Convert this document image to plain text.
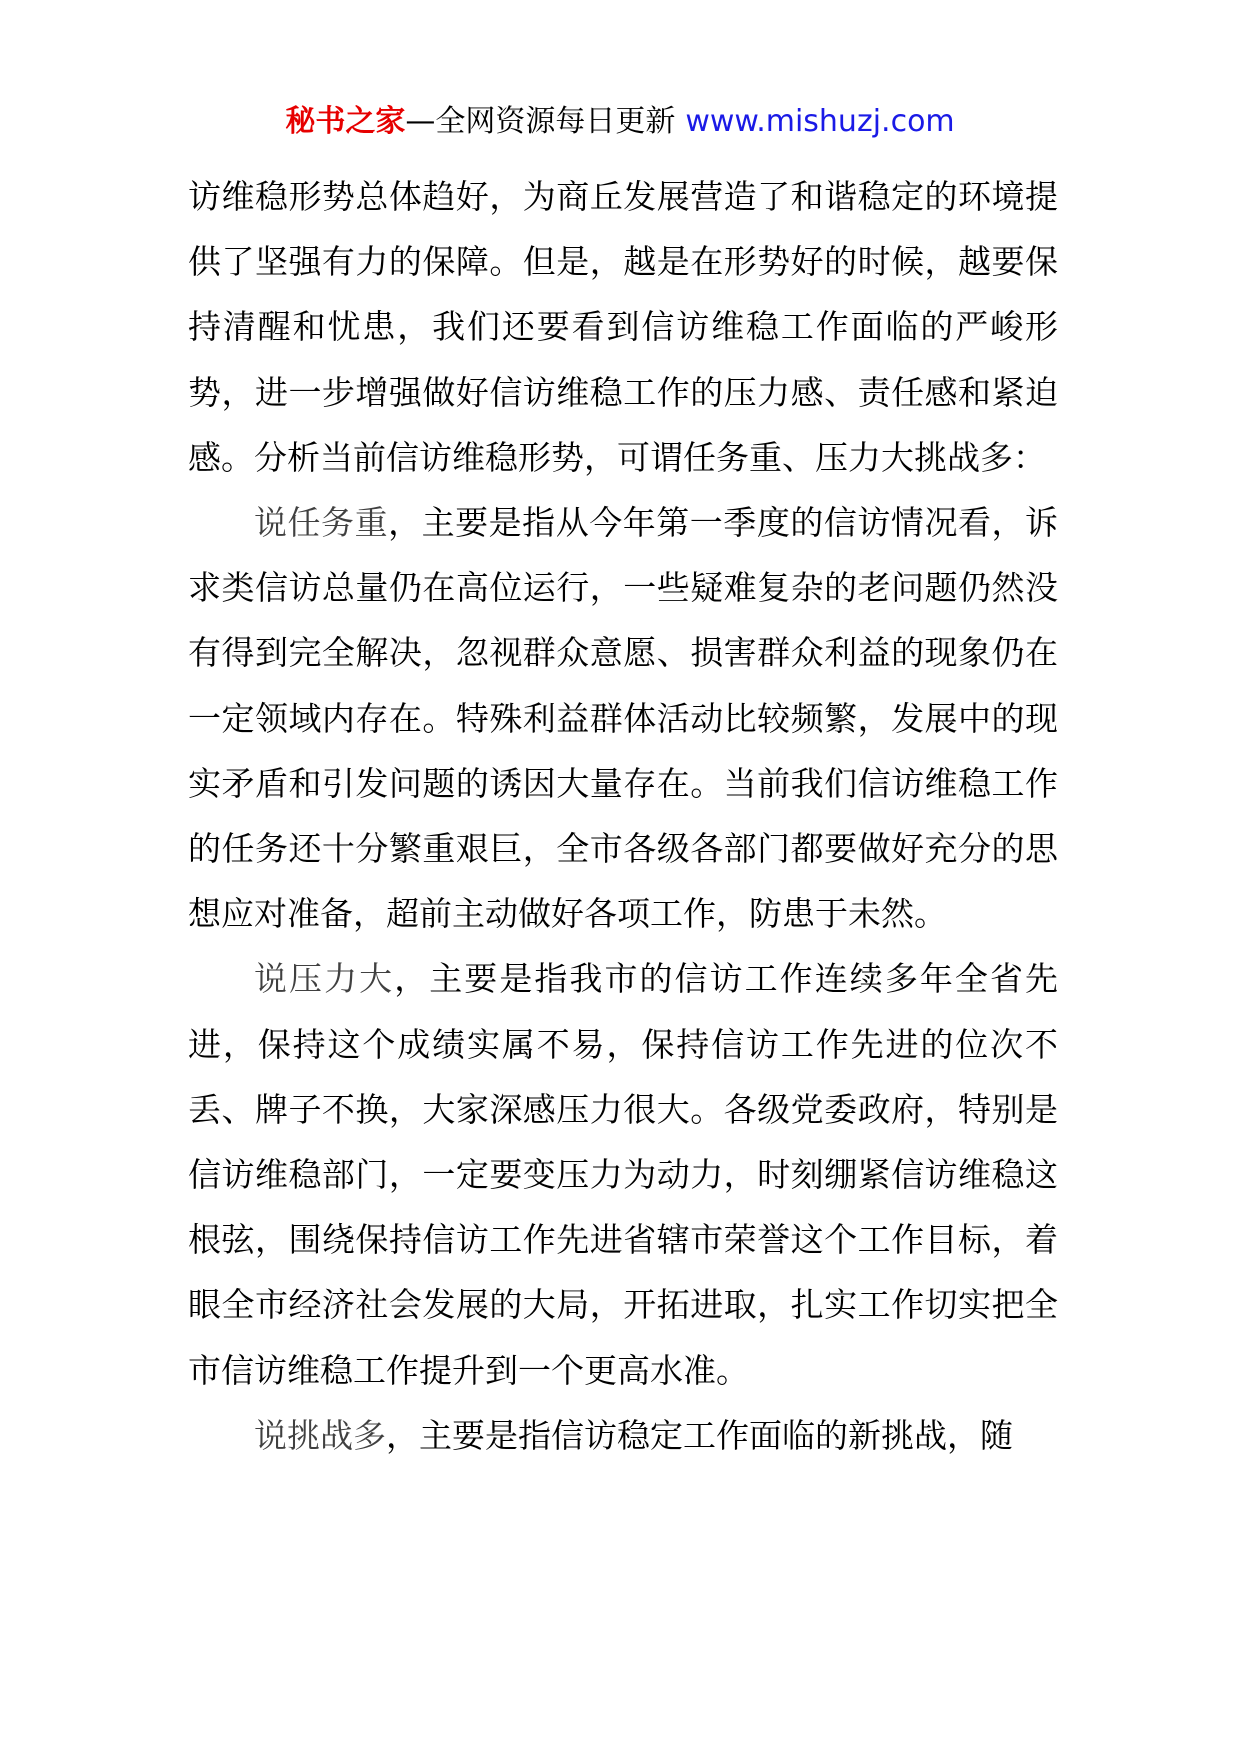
秘书之家—全网资源每日更新 www.mishuzj.com

访维稳形势总体趋好，为商丘发展营造了和谐稳定的环境提供了坚强有力的保障。但是，越是在形势好的时候，越要保持清醒和忧患，我们还要看到信访维稳工作面临的严峻形势，进一步增强做好信访维稳工作的压力感、责任感和紧迫感。分析当前信访维稳形势，可谓任务重、压力大挑战多：

说任务重，主要是指从今年第一季度的信访情况看，诉求类信访总量仍在高位运行，一些疑难复杂的老问题仍然没有得到完全解决，忽视群众意愿、损害群众利益的现象仍在一定领域内存在。特殊利益群体活动比较频繁，发展中的现实矛盾和引发问题的诱因大量存在。当前我们信访维稳工作的任务还十分繁重艰巨，全市各级各部门都要做好充分的思想应对准备，超前主动做好各项工作，防患于未然。

说压力大，主要是指我市的信访工作连续多年全省先进，保持这个成绩实属不易，保持信访工作先进的位次不丢、牌子不换，大家深感压力很大。各级党委政府，特别是信访维稳部门，一定要变压力为动力，时刻绷紧信访维稳这根弦，围绕保持信访工作先进省辖市荣誉这个工作目标，着眼全市经济社会发展的大局，开拓进取，扎实工作切实把全市信访维稳工作提升到一个更高水准。

说挑战多，主要是指信访稳定工作面临的新挑战，随
